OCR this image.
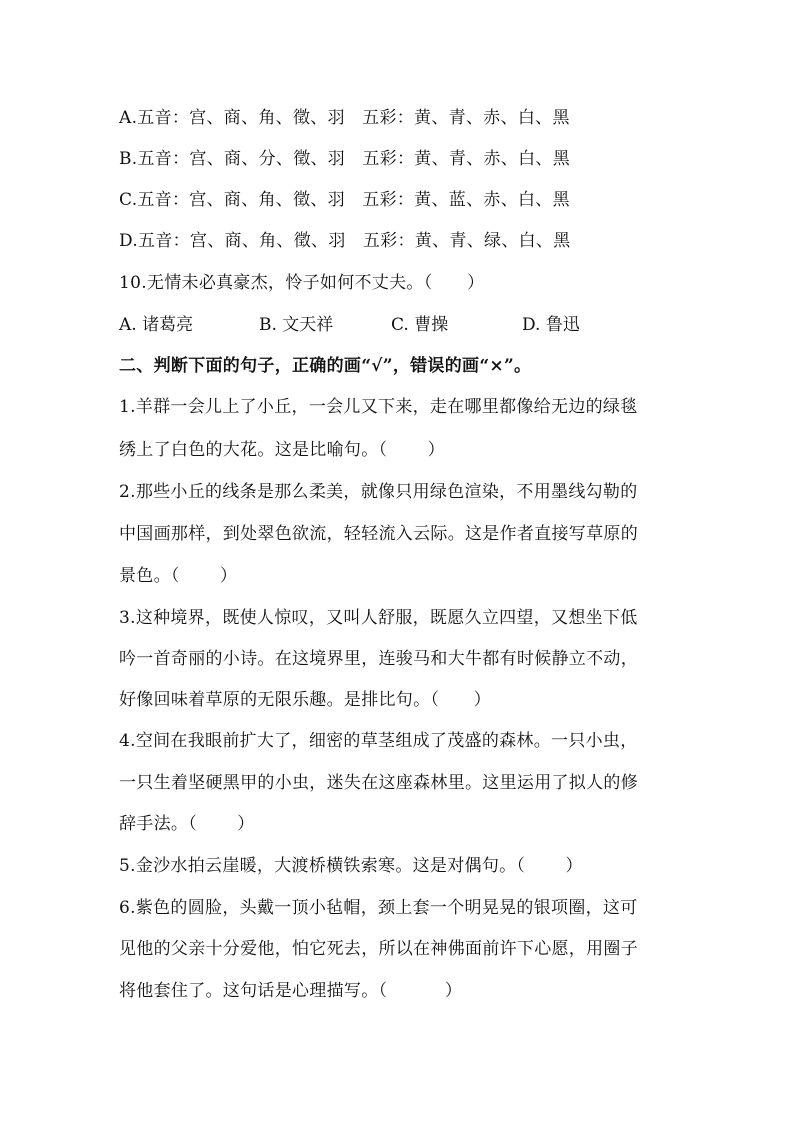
A.五音：宫、商、角、徵、羽　五彩：黄、青、赤、白、黑
B.五音：宫、商、分、徵、羽　五彩：黄、青、赤、白、黑
C.五音：宫、商、角、徵、羽　五彩：黄、蓝、赤、白、黑
D.五音：宫、商、角、徵、羽　五彩：黄、青、绿、白、黑
10.无情未必真豪杰，怜子如何不丈夫。（　　）
A. 诸葛亮	B. 文天祥	C. 曹操	D. 鲁迅
二、判断下面的句子，正确的画“√”，错误的画“×”。
1.羊群一会儿上了小丘，一会儿又下来，走在哪里都像给无边的绿毯
绣上了白色的大花。这是比喻句。（　　 ）
2.那些小丘的线条是那么柔美，就像只用绿色渲染，不用墨线勾勒的
中国画那样，到处翠色欲流，轻轻流入云际。这是作者直接写草原的
景色。（　　 ）
3.这种境界，既使人惊叹，又叫人舒服，既愿久立四望，又想坐下低
吟一首奇丽的小诗。在这境界里，连骏马和大牛都有时候静立不动，
好像回味着草原的无限乐趣。是排比句。（　　）
4.空间在我眼前扩大了，细密的草茎组成了茂盛的森林。一只小虫，
一只生着坚硬黑甲的小虫，迷失在这座森林里。这里运用了拟人的修
辞手法。（　　 ）
5.金沙水拍云崖暖，大渡桥横铁索寒。这是对偶句。（　　 ）
6.紫色的圆脸，头戴一顶小毡帽，颈上套一个明晃晃的银项圈，这可
见他的父亲十分爱他，怕它死去，所以在神佛面前许下心愿，用圈子
将他套住了。这句话是心理描写。（　　　 ）
